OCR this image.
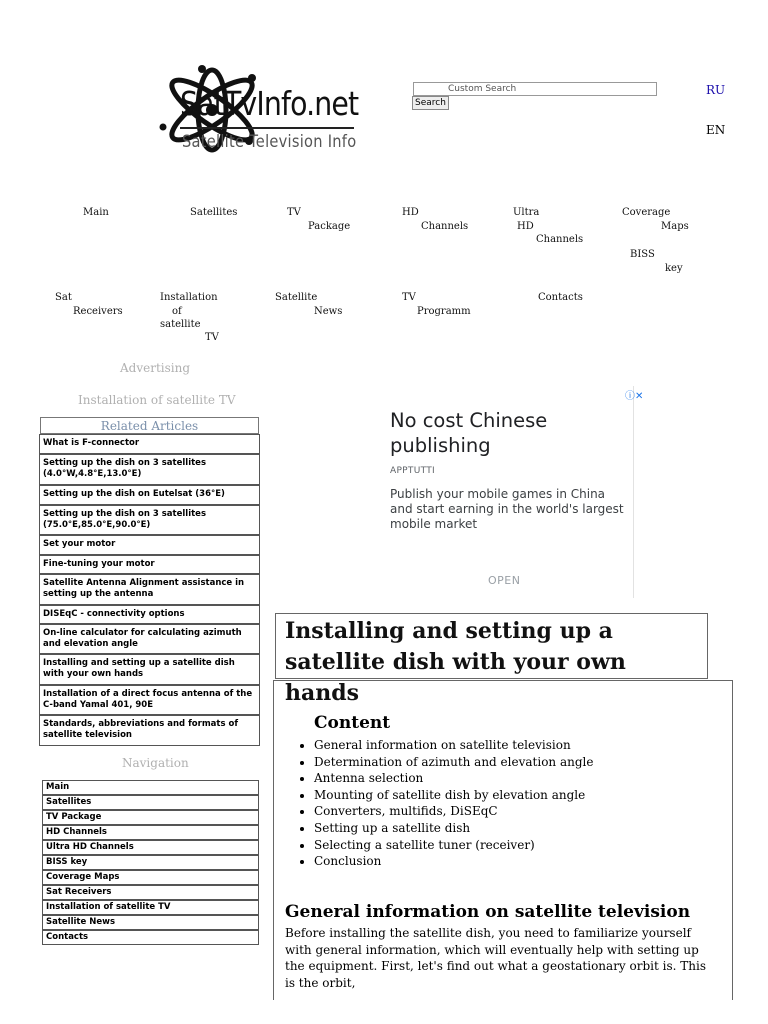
SatTvInfo.net
Satellite Television Info
Custom Search
Search
RU
EN
Main	Satellites	TV
Package
HD
Channels
Ultra
HD
Channels
Coverage
Maps
BISS
key
Sat
Receivers
Installation
of
satellite
TV
Satellite
News
TV
Programm
Contacts
Advertising
Installation of satellite TV
Related Articles
What is F-connector
Setting up the dish on 3 satellites (4.0°W,4.8°E,13.0°E)
Setting up the dish on Eutelsat (36°E)
Setting up the dish on 3 satellites (75.0°E,85.0°E,90.0°E)
Set your motor
Fine-tuning your motor
Satellite Antenna Alignment assistance in setting up the antenna
DISEqC - connectivity options
On-line calculator for calculating azimuth and elevation angle
Installing and setting up a satellite dish with your own hands
Installation of a direct focus antenna of the C-band Yamal 401, 90E
Standards, abbreviations and formats of satellite television
Navigation
Main
Satellites
TV Package
HD Channels
Ultra HD Channels
BISS key
Coverage Maps
Sat Receivers
Installation of satellite TV
Satellite News
Contacts
ⓘ✕
No cost Chinese publishing
APPTUTTI
Publish your mobile games in China and start earning in the world's largest mobile market
OPEN
Installing and setting up a satellite dish with your own hands
Content
• General information on satellite television
• Determination of azimuth and elevation angle
• Antenna selection
• Mounting of satellite dish by elevation angle
• Converters, multifids, DiSEqC
• Setting up a satellite dish
• Selecting a satellite tuner (receiver)
• Conclusion
General information on satellite television
Before installing the satellite dish, you need to familiarize yourself with general information, which will eventually help with setting up the equipment. First, let's find out what a geostationary orbit is. This is the orbit,
